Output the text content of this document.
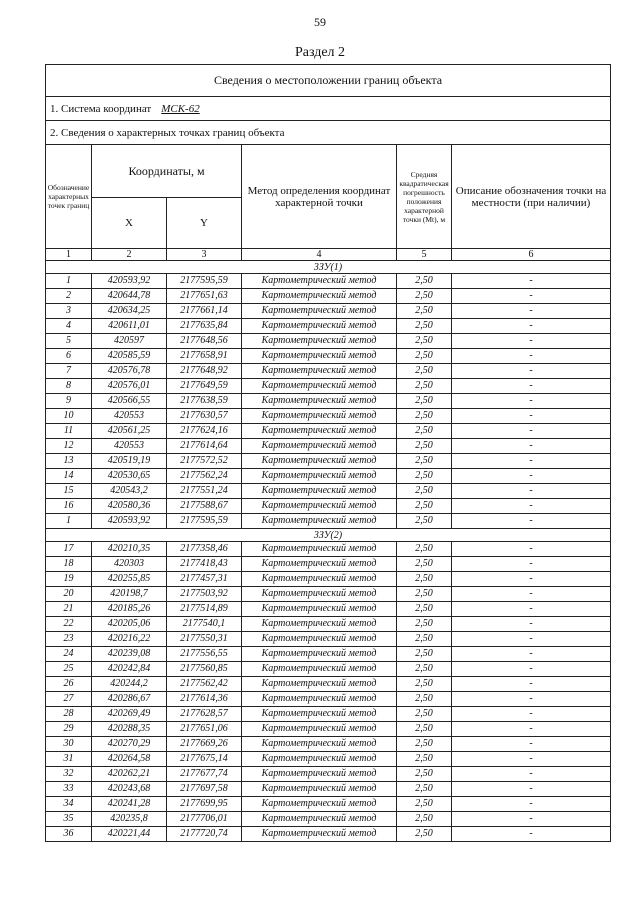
59
Раздел 2
Сведения о местоположении границ объекта					
1. Система координат МСК-62					
2. Сведения о характерных точках границ объекта					
Обозначение характерных точек границ	Координаты, м		Метод определения координат характерной точки	Средняя квадратическая погрешность положения характерной точки (Mt), м	Описание обозначения точки на местности (при наличии)
	X	Y			
1	2	3	4	5	6
3ЗУ(1)					
1	420593,92	2177595,59	Картометрический метод	2,50	-
2	420644,78	2177651,63	Картометрический метод	2,50	-
3	420634,25	2177661,14	Картометрический метод	2,50	-
4	420611,01	2177635,84	Картометрический метод	2,50	-
5	420597	2177648,56	Картометрический метод	2,50	-
6	420585,59	2177658,91	Картометрический метод	2,50	-
7	420576,78	2177648,92	Картометрический метод	2,50	-
8	420576,01	2177649,59	Картометрический метод	2,50	-
9	420566,55	2177638,59	Картометрический метод	2,50	-
10	420553	2177630,57	Картометрический метод	2,50	-
11	420561,25	2177624,16	Картометрический метод	2,50	-
12	420553	2177614,64	Картометрический метод	2,50	-
13	420519,19	2177572,52	Картометрический метод	2,50	-
14	420530,65	2177562,24	Картометрический метод	2,50	-
15	420543,2	2177551,24	Картометрический метод	2,50	-
16	420580,36	2177588,67	Картометрический метод	2,50	-
1	420593,92	2177595,59	Картометрический метод	2,50	-
3ЗУ(2)					
17	420210,35	2177358,46	Картометрический метод	2,50	-
18	420303	2177418,43	Картометрический метод	2,50	-
19	420255,85	2177457,31	Картометрический метод	2,50	-
20	420198,7	2177503,92	Картометрический метод	2,50	-
21	420185,26	2177514,89	Картометрический метод	2,50	-
22	420205,06	2177540,1	Картометрический метод	2,50	-
23	420216,22	2177550,31	Картометрический метод	2,50	-
24	420239,08	2177556,55	Картометрический метод	2,50	-
25	420242,84	2177560,85	Картометрический метод	2,50	-
26	420244,2	2177562,42	Картометрический метод	2,50	-
27	420286,67	2177614,36	Картометрический метод	2,50	-
28	420269,49	2177628,57	Картометрический метод	2,50	-
29	420288,35	2177651,06	Картометрический метод	2,50	-
30	420270,29	2177669,26	Картометрический метод	2,50	-
31	420264,58	2177675,14	Картометрический метод	2,50	-
32	420262,21	2177677,74	Картометрический метод	2,50	-
33	420243,68	2177697,58	Картометрический метод	2,50	-
34	420241,28	2177699,95	Картометрический метод	2,50	-
35	420235,8	2177706,01	Картометрический метод	2,50	-
36	420221,44	2177720,74	Картометрический метод	2,50	-
